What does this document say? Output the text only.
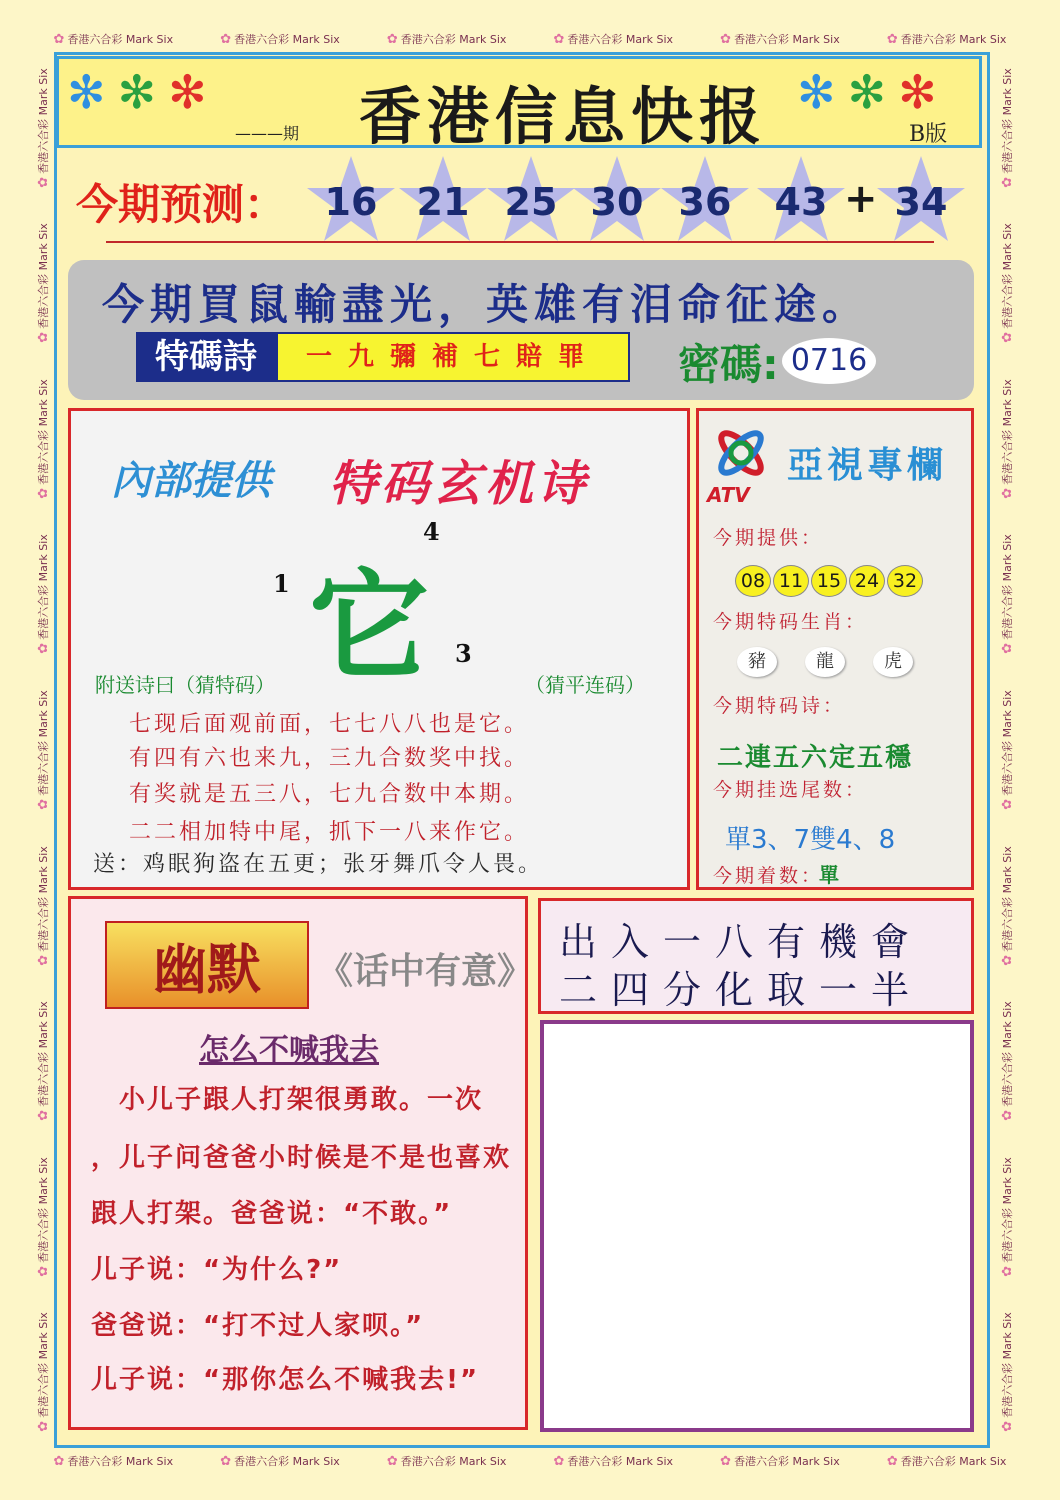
✿ 香港六合彩 Mark Six	✿ 香港六合彩 Mark Six	✿ 香港六合彩 Mark Six	✿ 香港六合彩 Mark Six	✿ 香港六合彩 Mark Six	✿ 香港六合彩 Mark Six
✿ 香港六合彩 Mark Six	✿ 香港六合彩 Mark Six	✿ 香港六合彩 Mark Six	✿ 香港六合彩 Mark Six	✿ 香港六合彩 Mark Six	✿ 香港六合彩 Mark Six
✿
香港六合彩 Mark Six
✿
香港六合彩 Mark Six
✿
香港六合彩 Mark Six
✿
香港六合彩 Mark Six
✿
香港六合彩 Mark Six
✿
香港六合彩 Mark Six
✿
香港六合彩 Mark Six
✿
香港六合彩 Mark Six
✿
香港六合彩 Mark Six
✿
香港六合彩 Mark Six
✿
香港六合彩 Mark Six
✿
香港六合彩 Mark Six
✿
香港六合彩 Mark Six
✿
香港六合彩 Mark Six
✿
香港六合彩 Mark Six
✿
香港六合彩 Mark Six
✿
香港六合彩 Mark Six
✿
香港六合彩 Mark Six
✻✻✻ 香港信息快报
———期	B版
✻✻✻
今期预测：	16	21 25 30 36	43 + 34
今期買鼠輸盡光，英雄有泪命征途。
特碼詩	一九彌補七賠罪	密碼: 0716
內部提供 特码玄机诗
它
4
1
3
附送诗曰（猜特码）	（猜平连码）
七现后面观前面，七七八八也是它。
有四有六也来九，三九合数奖中找。
有奖就是五三八，七九合数中本期。
二二相加特中尾，抓下一八来作它。
送：鸡眠狗盗在五更；张牙舞爪令人畏。
ATV
亞視專欄
今期提供：
08 11 15 24 32
今期特码生肖：
豬	龍	虎
今期特码诗：
二連五六定五穩
今期挂选尾数：
單3、7雙4、8
今期着数：
單
幽默	《话中有意》
怎么不喊我去
　小儿子跟人打架很勇敢。一次
，儿子问爸爸小时候是不是也喜欢
跟人打架。爸爸说：“不敢。”
儿子说：“为什么?”
爸爸说：“打不过人家呗。”
儿子说：“那你怎么不喊我去!”
出入一八有機會
二四分化取一半
